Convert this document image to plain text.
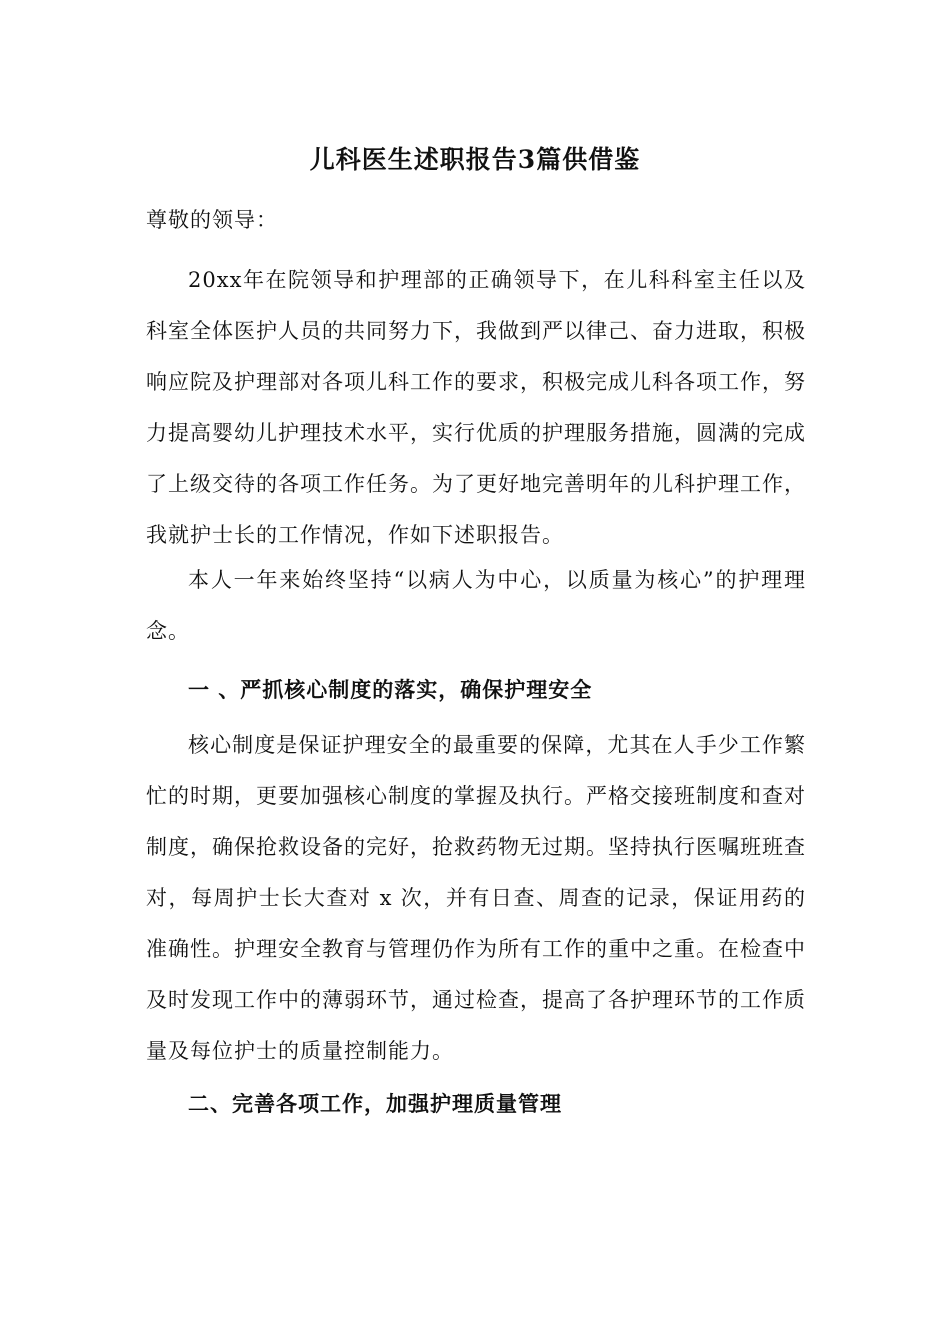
儿科医生述职报告3篇供借鉴

尊敬的领导：

20xx年在院领导和护理部的正确领导下，在儿科科室主任以及科室全体医护人员的共同努力下，我做到严以律己、奋力进取，积极响应院及护理部对各项儿科工作的要求，积极完成儿科各项工作，努力提高婴幼儿护理技术水平，实行优质的护理服务措施，圆满的完成了上级交待的各项工作任务。为了更好地完善明年的儿科护理工作，我就护士长的工作情况，作如下述职报告。

本人一年来始终坚持“以病人为中心，以质量为核心”的护理理念。

一 、严抓核心制度的落实，确保护理安全

核心制度是保证护理安全的最重要的保障，尤其在人手少工作繁忙的时期，更要加强核心制度的掌握及执行。严格交接班制度和查对制度，确保抢救设备的完好，抢救药物无过期。坚持执行医嘱班班查对，每周护士长大查对 x 次，并有日查、周查的记录，保证用药的准确性。护理安全教育与管理仍作为所有工作的重中之重。在检查中及时发现工作中的薄弱环节，通过检查，提高了各护理环节的工作质量及每位护士的质量控制能力。

二、完善各项工作，加强护理质量管理
